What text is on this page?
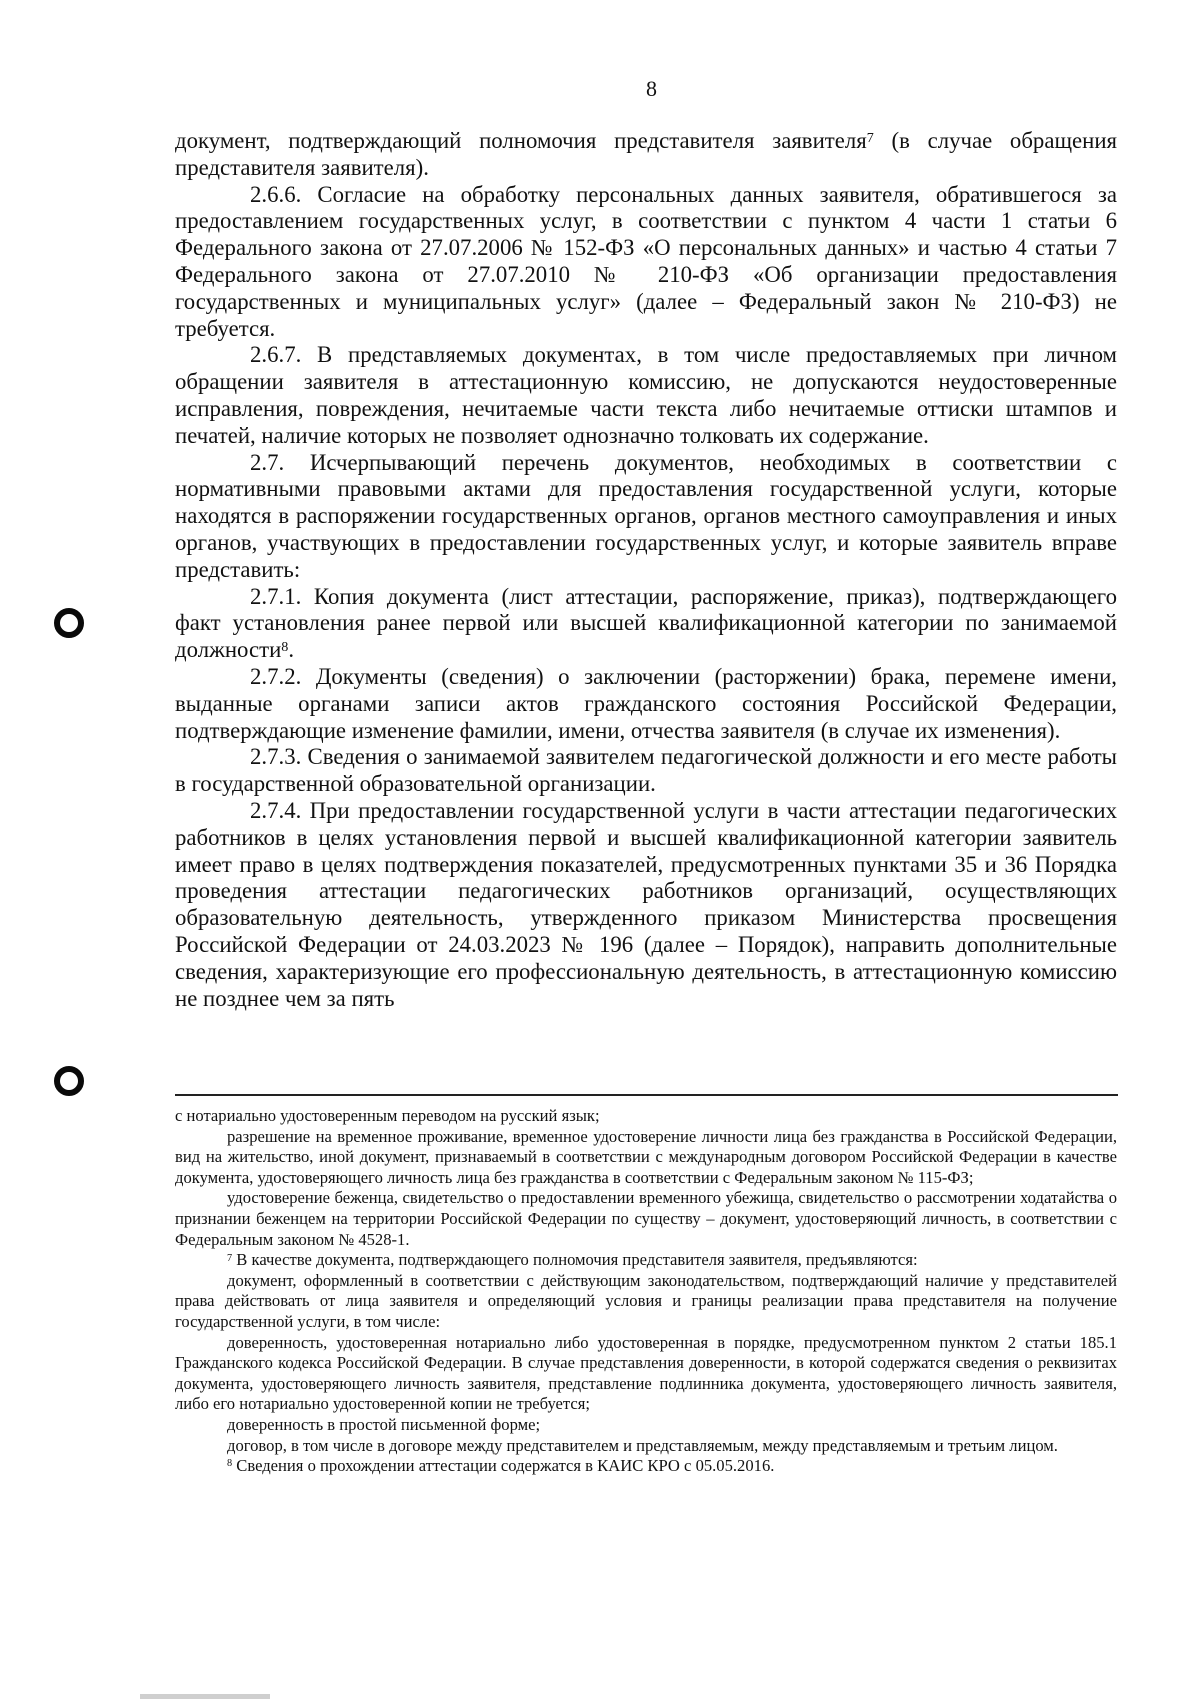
8

документ, подтверждающий полномочия представителя заявителя$^7$ (в случае обращения представителя заявителя).

2.6.6. Согласие на обработку персональных данных заявителя, обратившегося за предоставлением государственных услуг, в соответствии с пунктом 4 части 1 статьи 6 Федерального закона от 27.07.2006 № 152-ФЗ «О персональных данных» и частью 4 статьи 7 Федерального закона от 27.07.2010 № 210-ФЗ «Об организации предоставления государственных и муниципальных услуг» (далее – Федеральный закон № 210-ФЗ) не требуется.

2.6.7. В представляемых документах, в том числе предоставляемых при личном обращении заявителя в аттестационную комиссию, не допускаются неудостоверенные исправления, повреждения, нечитаемые части текста либо нечитаемые оттиски штампов и печатей, наличие которых не позволяет однозначно толковать их содержание.

2.7. Исчерпывающий перечень документов, необходимых в соответствии с нормативными правовыми актами для предоставления государственной услуги, которые находятся в распоряжении государственных органов, органов местного самоуправления и иных органов, участвующих в предоставлении государственных услуг, и которые заявитель вправе представить:

2.7.1. Копия документа (лист аттестации, распоряжение, приказ), подтверждающего факт установления ранее первой или высшей квалификационной категории по занимаемой должности$^8$.

2.7.2. Документы (сведения) о заключении (расторжении) брака, перемене имени, выданные органами записи актов гражданского состояния Российской Федерации, подтверждающие изменение фамилии, имени, отчества заявителя (в случае их изменения).

2.7.3. Сведения о занимаемой заявителем педагогической должности и его месте работы в государственной образовательной организации.

2.7.4. При предоставлении государственной услуги в части аттестации педагогических работников в целях установления первой и высшей квалификационной категории заявитель имеет право в целях подтверждения показателей, предусмотренных пунктами 35 и 36 Порядка проведения аттестации педагогических работников организаций, осуществляющих образовательную деятельность, утвержденного приказом Министерства просвещения Российской Федерации от 24.03.2023 № 196 (далее – Порядок), направить дополнительные сведения, характеризующие его профессиональную деятельность, в аттестационную комиссию не позднее чем за пять

с нотариально удостоверенным переводом на русский язык;

разрешение на временное проживание, временное удостоверение личности лица без гражданства в Российской Федерации, вид на жительство, иной документ, признаваемый в соответствии с международным договором Российской Федерации в качестве документа, удостоверяющего личность лица без гражданства в соответствии с Федеральным законом № 115-ФЗ;

удостоверение беженца, свидетельство о предоставлении временного убежища, свидетельство о рассмотрении ходатайства о признании беженцем на территории Российской Федерации по существу – документ, удостоверяющий личность, в соответствии с Федеральным законом № 4528-1.

$^7$ В качестве документа, подтверждающего полномочия представителя заявителя, предъявляются:

документ, оформленный в соответствии с действующим законодательством, подтверждающий наличие у представителей права действовать от лица заявителя и определяющий условия и границы реализации права представителя на получение государственной услуги, в том числе:

доверенность, удостоверенная нотариально либо удостоверенная в порядке, предусмотренном пунктом 2 статьи 185.1 Гражданского кодекса Российской Федерации. В случае представления доверенности, в которой содержатся сведения о реквизитах документа, удостоверяющего личность заявителя, представление подлинника документа, удостоверяющего личность заявителя, либо его нотариально удостоверенной копии не требуется;

доверенность в простой письменной форме;

договор, в том числе в договоре между представителем и представляемым, между представляемым и третьим лицом.

$^8$ Сведения о прохождении аттестации содержатся в КАИС КРО с 05.05.2016.
